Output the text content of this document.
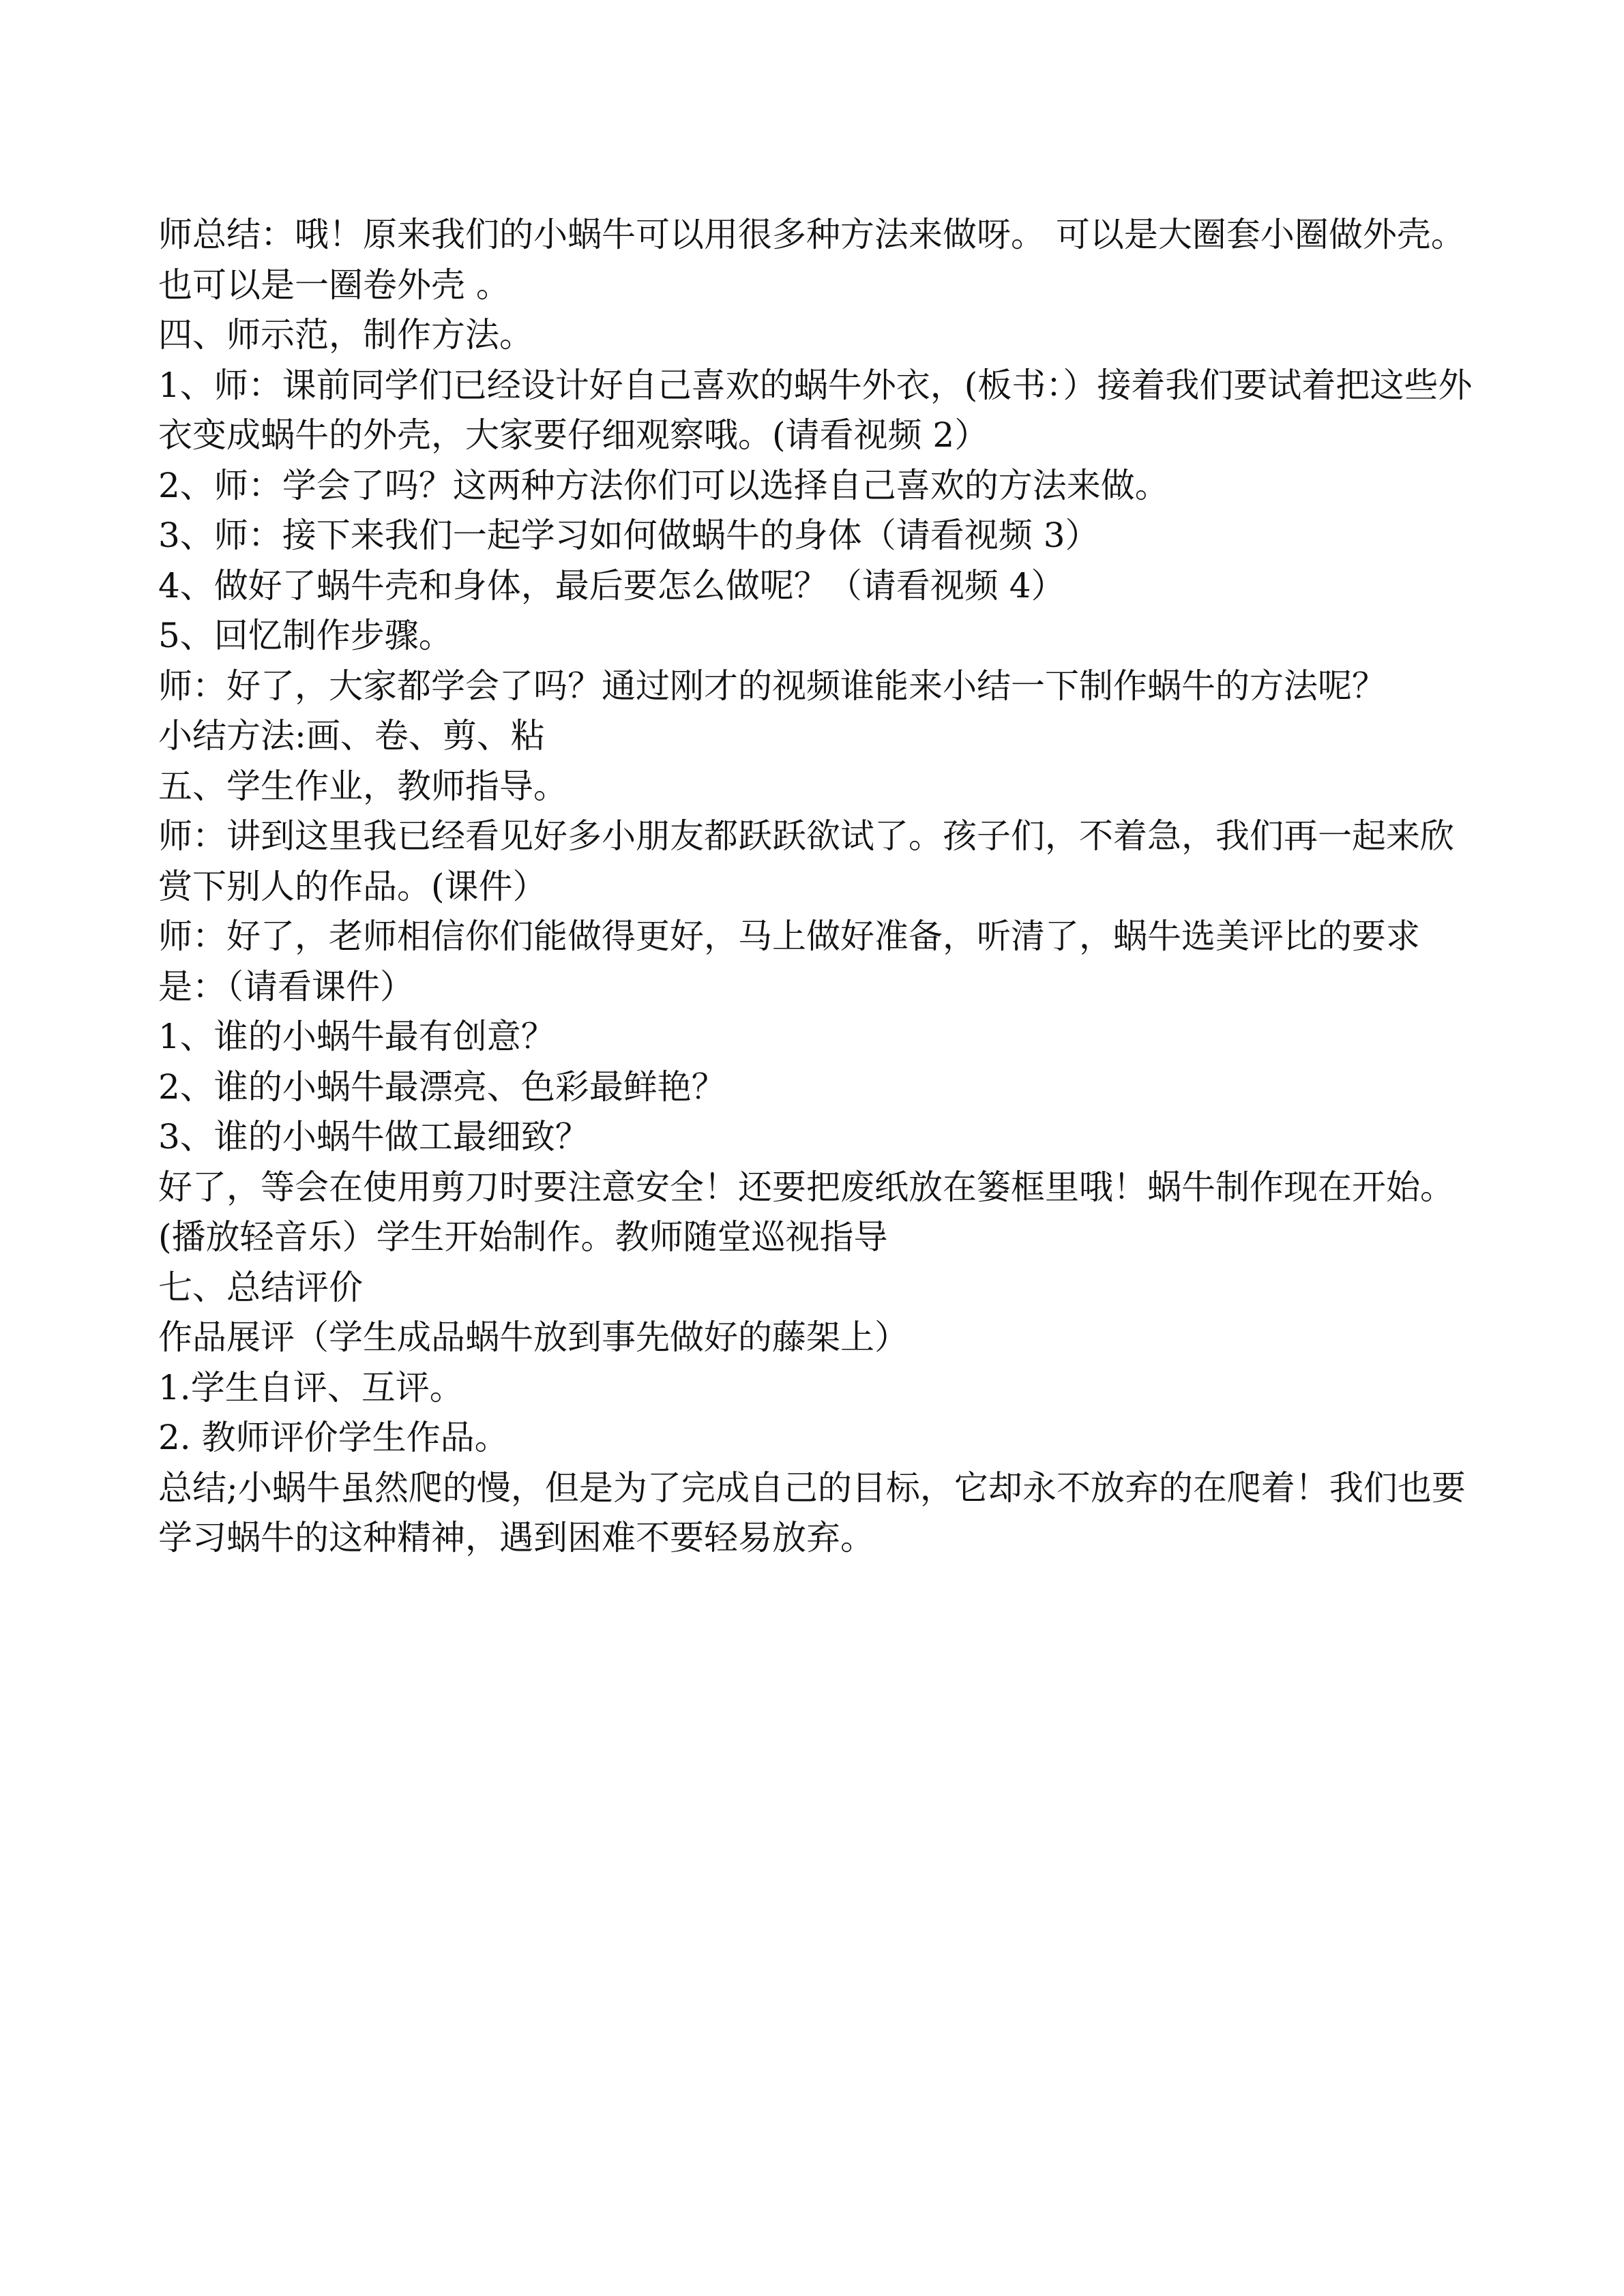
师总结：哦！原来我们的小蜗牛可以用很多种方法来做呀。 可以是大圈套小圈做外壳。 也可以是一圈卷外壳 。

四、师示范，制作方法。

1、师：课前同学们已经设计好自己喜欢的蜗牛外衣，(板书：）接着我们要试着把这些外衣变成蜗牛的外壳，大家要仔细观察哦。(请看视频 2）

2、师：学会了吗？这两种方法你们可以选择自己喜欢的方法来做。

3、师：接下来我们一起学习如何做蜗牛的身体（请看视频 3）

4、做好了蜗牛壳和身体，最后要怎么做呢？（请看视频 4）

5、回忆制作步骤。

师：好了，大家都学会了吗？通过刚才的视频谁能来小结一下制作蜗牛的方法呢？

小结方法:画、卷、剪、粘

五、学生作业，教师指导。

师：讲到这里我已经看见好多小朋友都跃跃欲试了。孩子们，不着急，我们再一起来欣赏下别人的作品。(课件）

师：好了，老师相信你们能做得更好，马上做好准备，听清了，蜗牛选美评比的要求是：（请看课件）

1、谁的小蜗牛最有创意？

2、谁的小蜗牛最漂亮、色彩最鲜艳？

3、谁的小蜗牛做工最细致？

好了，等会在使用剪刀时要注意安全！还要把废纸放在篓框里哦！蜗牛制作现在开始。(播放轻音乐）学生开始制作。教师随堂巡视指导

七、总结评价

作品展评（学生成品蜗牛放到事先做好的藤架上）

1.学生自评、互评。

2. 教师评价学生作品。

总结;小蜗牛虽然爬的慢，但是为了完成自己的目标，它却永不放弃的在爬着！我们也要学习蜗牛的这种精神，遇到困难不要轻易放弃。
